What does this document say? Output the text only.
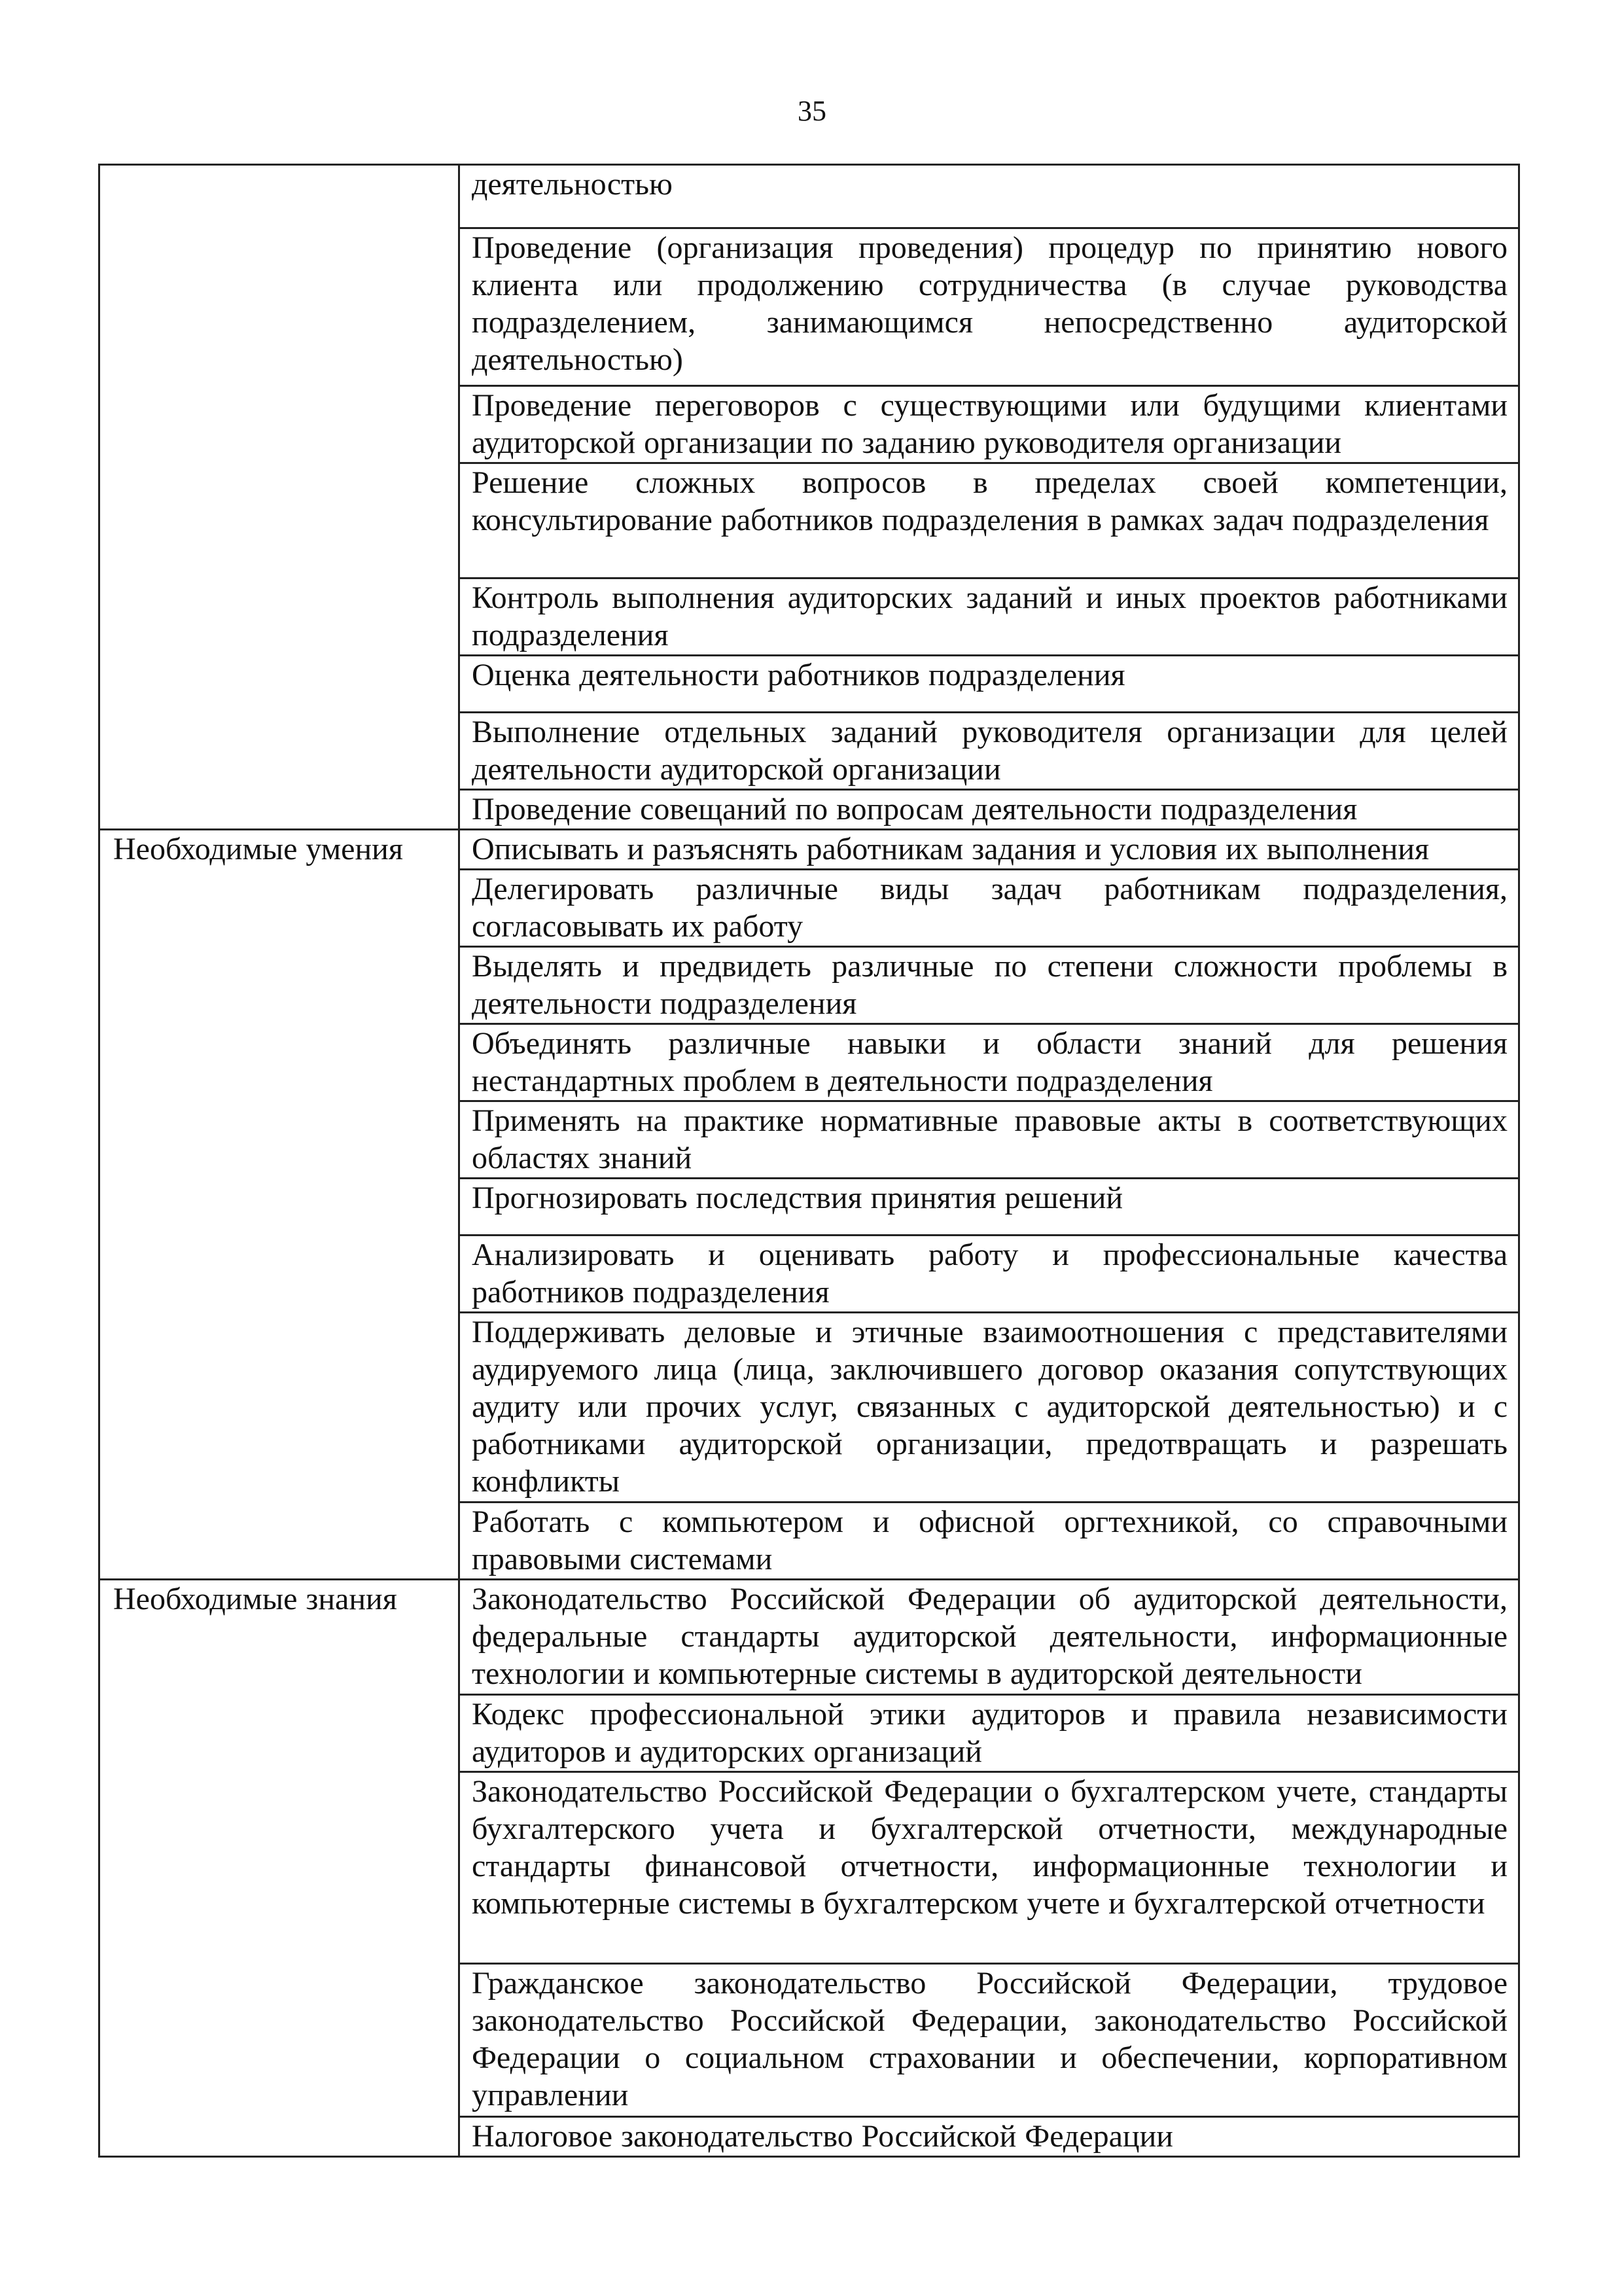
35
	деятельностью
	Проведение (организация проведения) процедур по принятию нового клиента или продолжению сотрудничества (в случае руководства подразделением, занимающимся непосредственно аудиторской деятельностью)
	Проведение переговоров с существующими или будущими клиентами аудиторской организации по заданию руководителя организации
	Решение сложных вопросов в пределах своей компетенции, консультирование работников подразделения в рамках задач подразделения
	Контроль выполнения аудиторских заданий и иных проектов работниками подразделения
	Оценка деятельности работников подразделения
	Выполнение отдельных заданий руководителя организации для целей деятельности аудиторской организации
	Проведение совещаний по вопросам деятельности подразделения
Необходимые умения	Описывать и разъяснять работникам задания и условия их выполнения
	Делегировать различные виды задач работникам подразделения, согласовывать их работу
	Выделять и предвидеть различные по степени сложности проблемы в деятельности подразделения
	Объединять различные навыки и области знаний для решения нестандартных проблем в деятельности подразделения
	Применять на практике нормативные правовые акты в соответствующих областях знаний
	Прогнозировать последствия принятия решений
	Анализировать и оценивать работу и профессиональные качества работников подразделения
	Поддерживать деловые и этичные взаимоотношения с представителями аудируемого лица (лица, заключившего договор оказания сопутствующих аудиту или прочих услуг, связанных с аудиторской деятельностью) и с работниками аудиторской организации, предотвращать и разрешать конфликты
	Работать с компьютером и офисной оргтехникой, со справочными правовыми системами
Необходимые знания	Законодательство Российской Федерации об аудиторской деятельности, федеральные стандарты аудиторской деятельности, информационные технологии и компьютерные системы в аудиторской деятельности
	Кодекс профессиональной этики аудиторов и правила независимости аудиторов и аудиторских организаций
	Законодательство Российской Федерации о бухгалтерском учете, стандарты бухгалтерского учета и бухгалтерской отчетности, международные стандарты финансовой отчетности, информационные технологии и компьютерные системы в бухгалтерском учете и бухгалтерской отчетности
	Гражданское законодательство Российской Федерации, трудовое законодательство Российской Федерации, законодательство Российской Федерации о социальном страховании и обеспечении, корпоративном управлении
	Налоговое законодательство Российской Федерации
